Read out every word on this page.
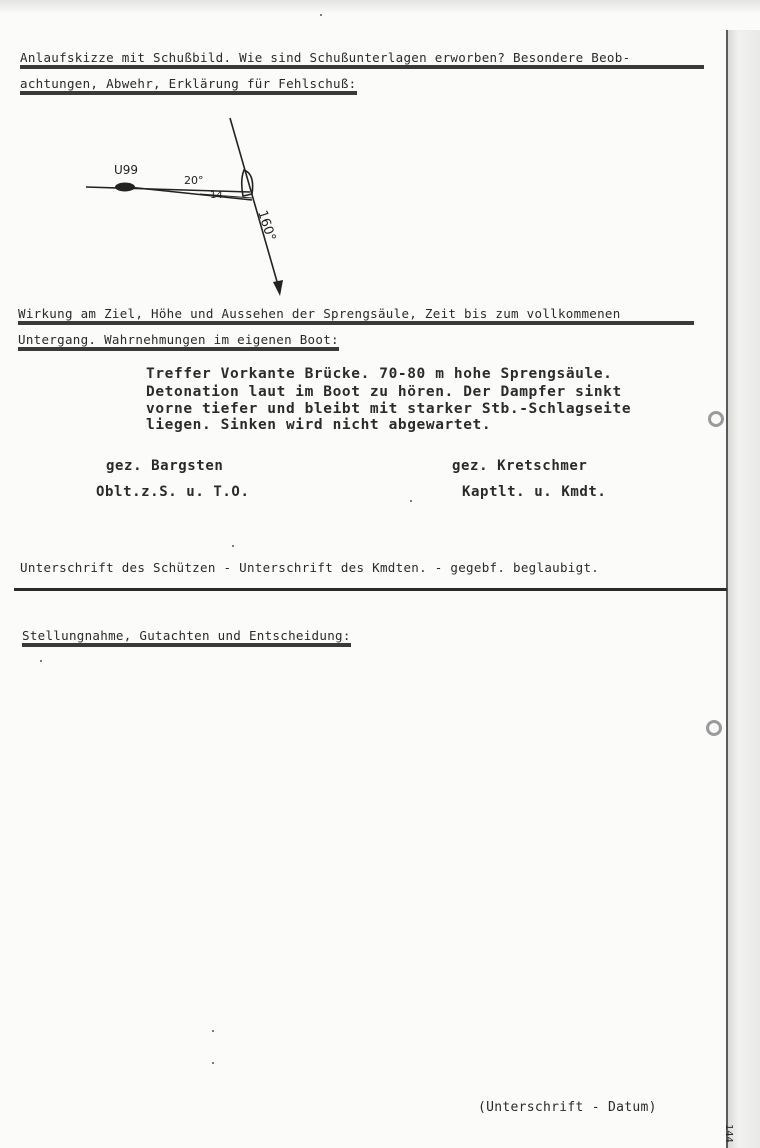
Anlaufskizze mit Schußbild. Wie sind Schußunterlagen erworben? Besondere Beob-
achtungen, Abwehr, Erklärung für Fehlschuß:
U99
20°
14
160°
Wirkung am Ziel, Höhe und Aussehen der Sprengsäule, Zeit bis zum vollkommenen
Untergang. Wahrnehmungen im eigenen Boot:
Treffer Vorkante Brücke. 70-80 m hohe Sprengsäule.
Detonation laut im Boot zu hören. Der Dampfer sinkt
vorne tiefer und bleibt mit starker Stb.-Schlagseite
liegen. Sinken wird nicht abgewartet.
gez. Bargsten
Oblt.z.S. u. T.O.
gez. Kretschmer
Kaptlt. u. Kmdt.
Unterschrift des Schützen - Unterschrift des Kmdten. - gegebf. beglaubigt.
Stellungnahme, Gutachten und Entscheidung:
(Unterschrift - Datum)
144
